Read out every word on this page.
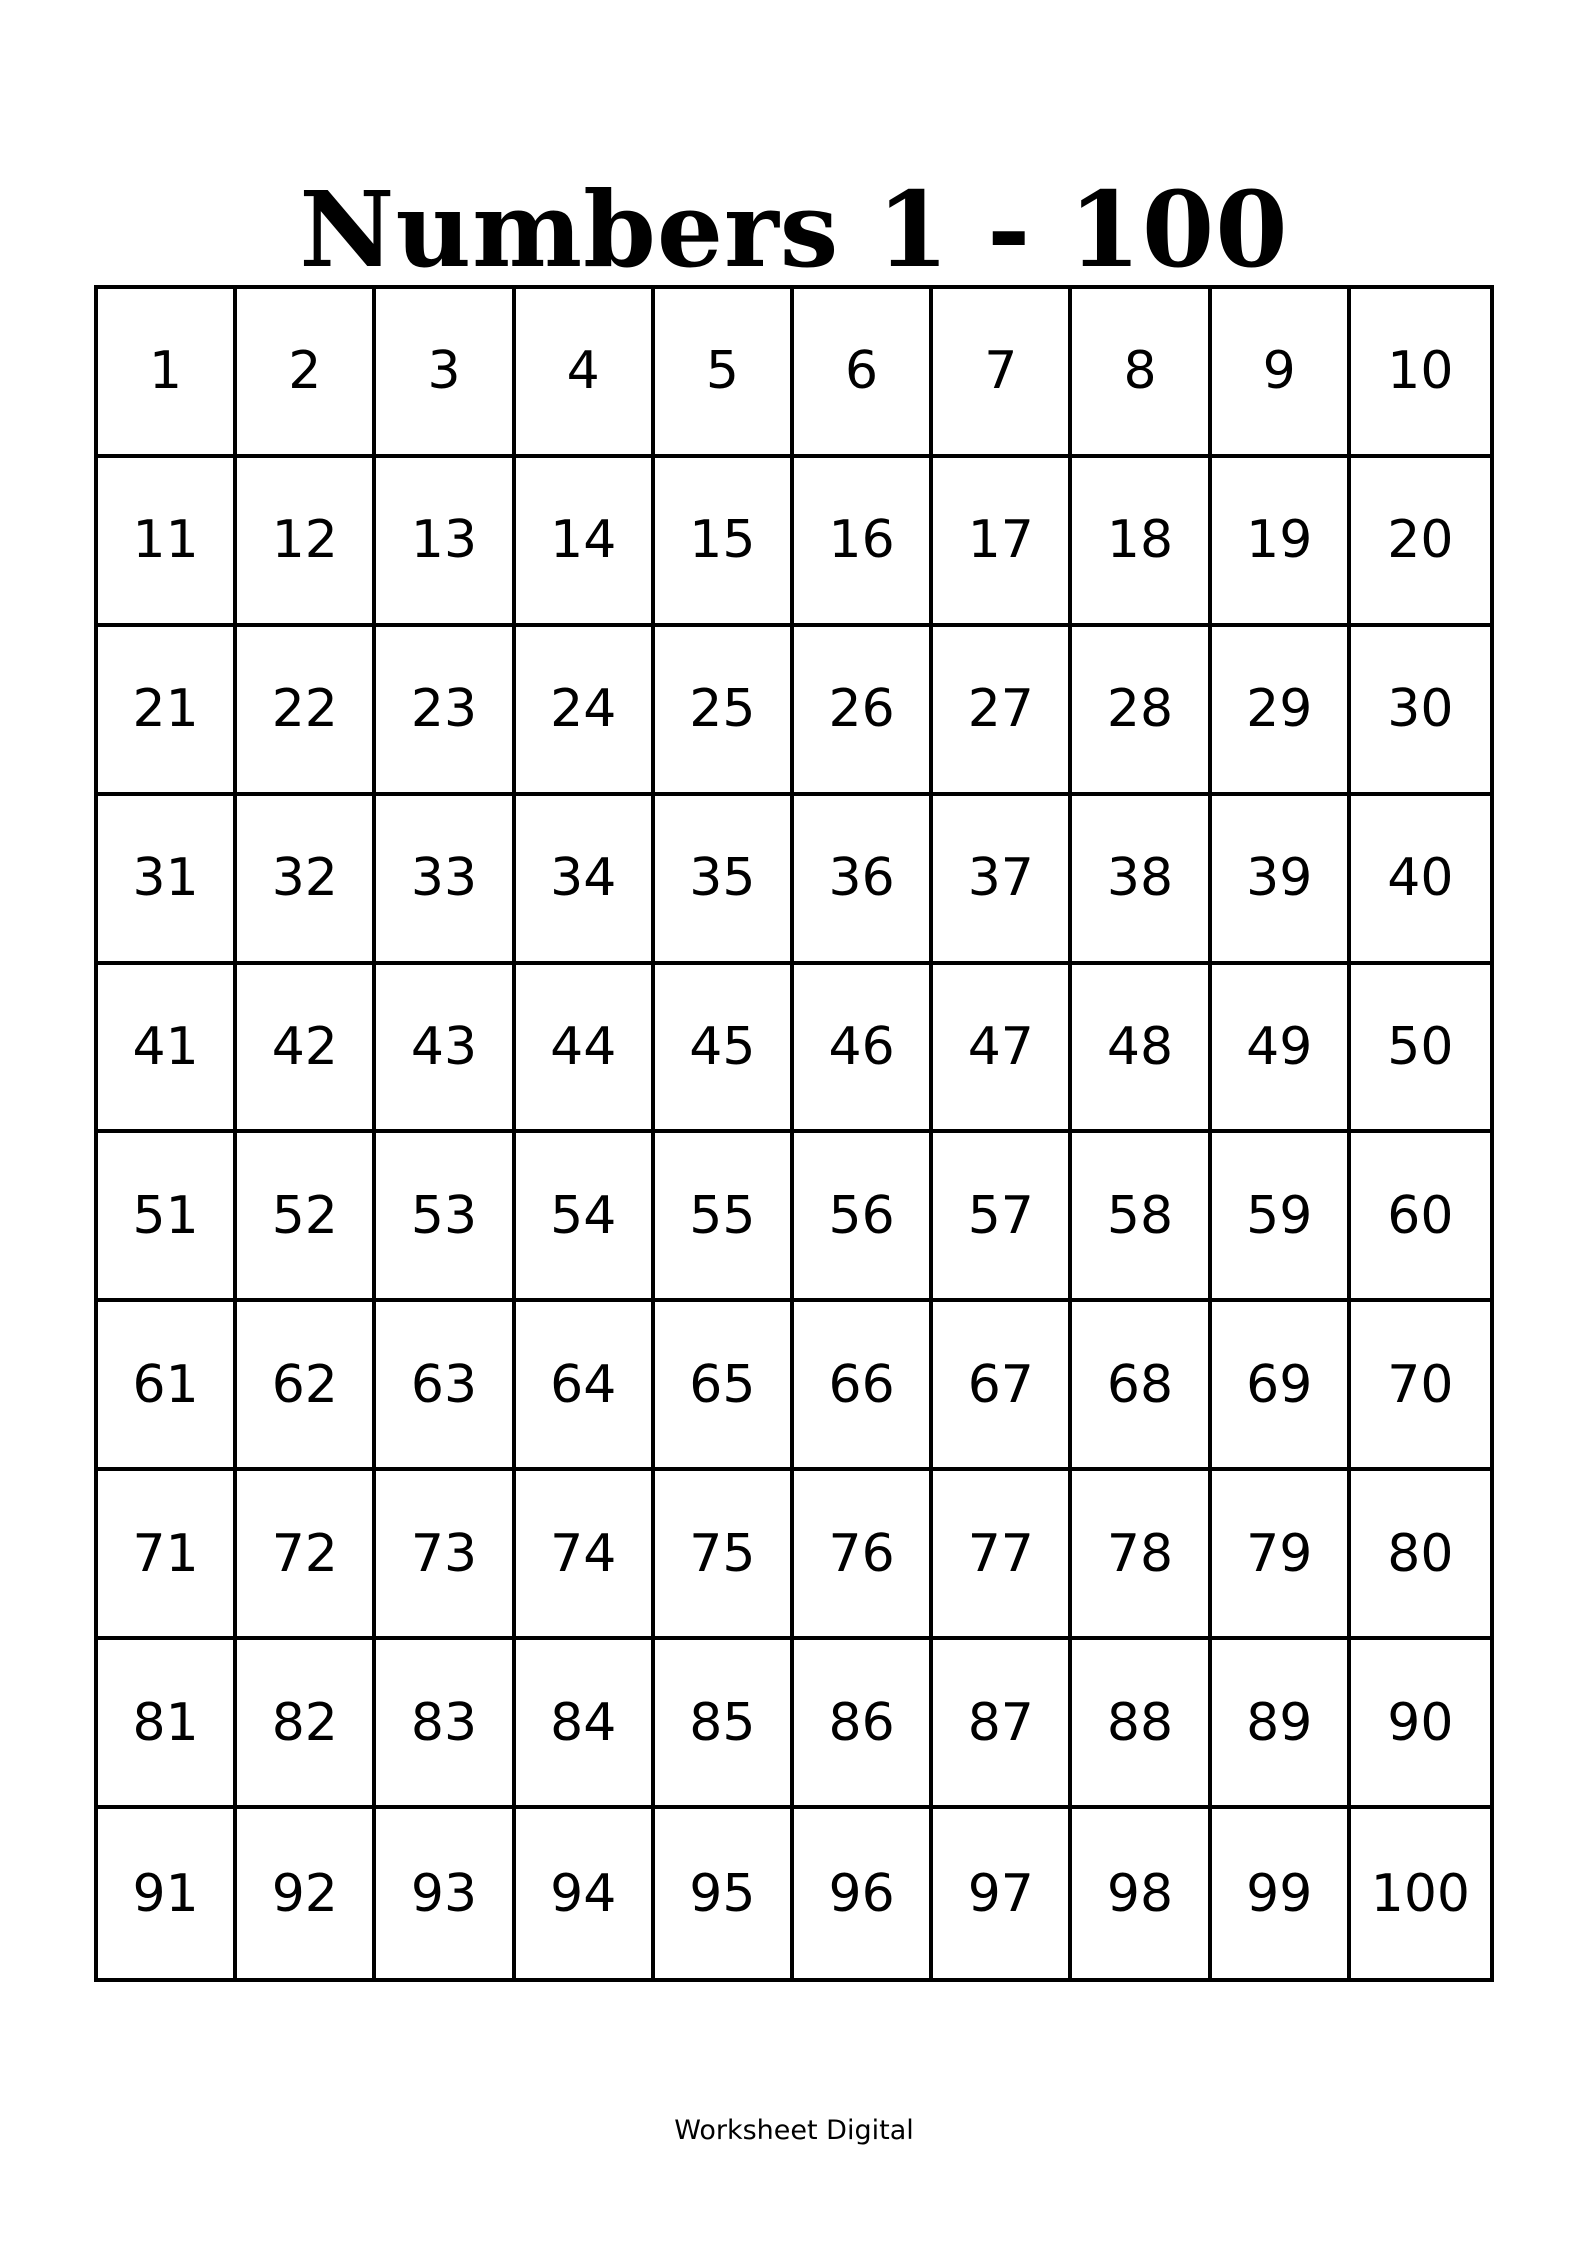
Numbers 1 - 100
1	2	3	4	5	6	7	8	9	10
11	12	13	14	15	16	17	18	19	20
21	22	23	24	25	26	27	28	29	30
31	32	33	34	35	36	37	38	39	40
41	42	43	44	45	46	47	48	49	50
51	52	53	54	55	56	57	58	59	60
61	62	63	64	65	66	67	68	69	70
71	72	73	74	75	76	77	78	79	80
81	82	83	84	85	86	87	88	89	90
91	92	93	94	95	96	97	98	99	100
Worksheet Digital
